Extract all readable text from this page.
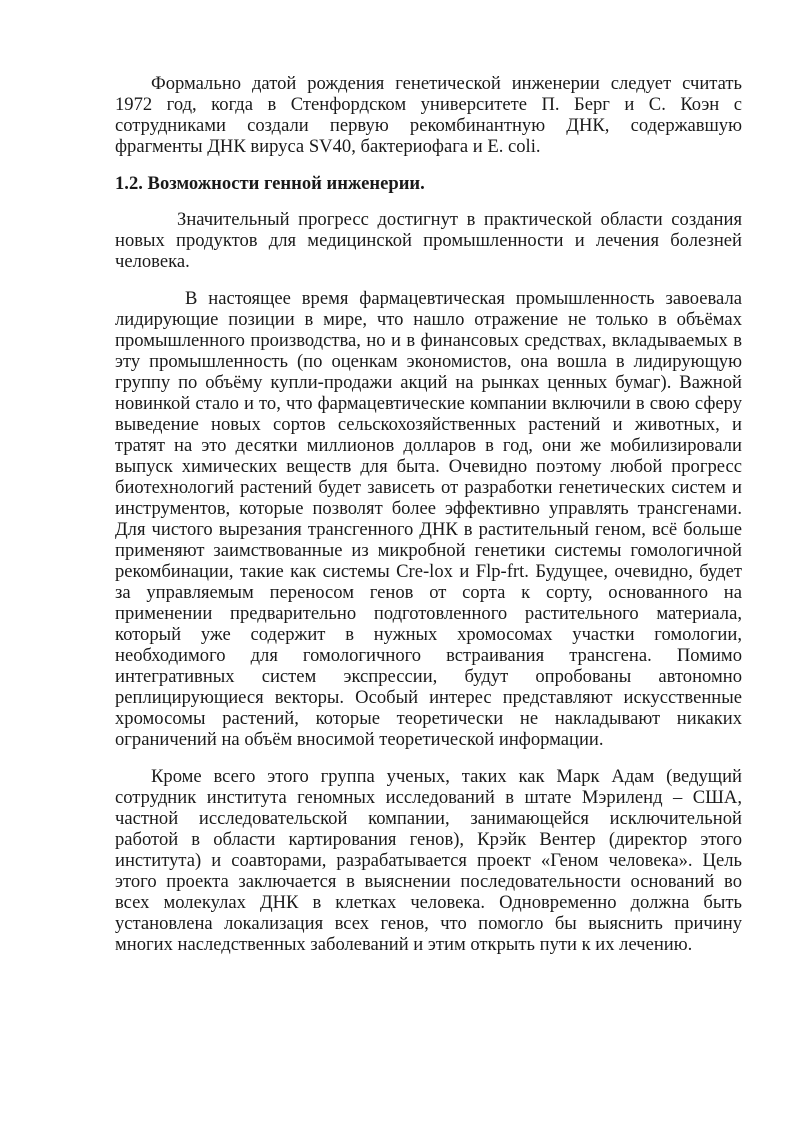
Формально датой рождения генетической инженерии следует считать 1972 год, когда в Стенфордском университете П. Берг и С. Коэн с сотрудниками создали первую рекомбинантную ДНК, содержавшую фрагменты ДНК вируса SV40, бактериофага и E. coli.

1.2. Возможности генной инженерии.

Значительный прогресс достигнут в практической области создания новых продуктов для медицинской промышленности и лечения болезней человека.

В настоящее время фармацевтическая промышленность завоевала лидирующие позиции в мире, что нашло отражение не только в объёмах промышленного производства, но и в финансовых средствах, вкладываемых в эту промышленность (по оценкам экономистов, она вошла в лидирующую группу по объёму купли-продажи акций на рынках ценных бумаг). Важной новинкой стало и то, что фармацевтические компании включили в свою сферу выведение новых сортов сельскохозяйственных растений и животных, и тратят на это десятки миллионов долларов в год, они же мобилизировали выпуск химических веществ для быта. Очевидно поэтому любой прогресс биотехнологий растений будет зависеть от разработки генетических систем и инструментов, которые позволят более эффективно управлять трансгенами. Для чистого вырезания трансгенного ДНК в растительный геном, всё больше применяют заимствованные из микробной генетики системы гомологичной рекомбинации, такие как системы Cre-lox и Flp-frt. Будущее, очевидно, будет за управляемым переносом генов от сорта к сорту, основанного на применении предварительно подготовленного растительного материала, который уже содержит в нужных хромосомах участки гомологии, необходимого для гомологичного встраивания трансгена. Помимо интегративных систем экспрессии, будут опробованы автономно реплицирующиеся векторы. Особый интерес представляют искусственные хромосомы растений, которые теоретически не накладывают никаких ограничений на объём вносимой теоретической информации.

Кроме всего этого группа ученых, таких как Марк Адам (ведущий сотрудник института геномных исследований в штате Мэриленд – США, частной исследовательской компании, занимающейся исключительной работой в области картирования генов), Крэйк Вентер (директор этого института) и соавторами, разрабатывается проект «Геном человека». Цель этого проекта заключается в выяснении последовательности оснований во всех молекулах ДНК в клетках человека. Одновременно должна быть установлена локализация всех генов, что помогло бы выяснить причину многих наследственных заболеваний и этим открыть пути к их лечению.
